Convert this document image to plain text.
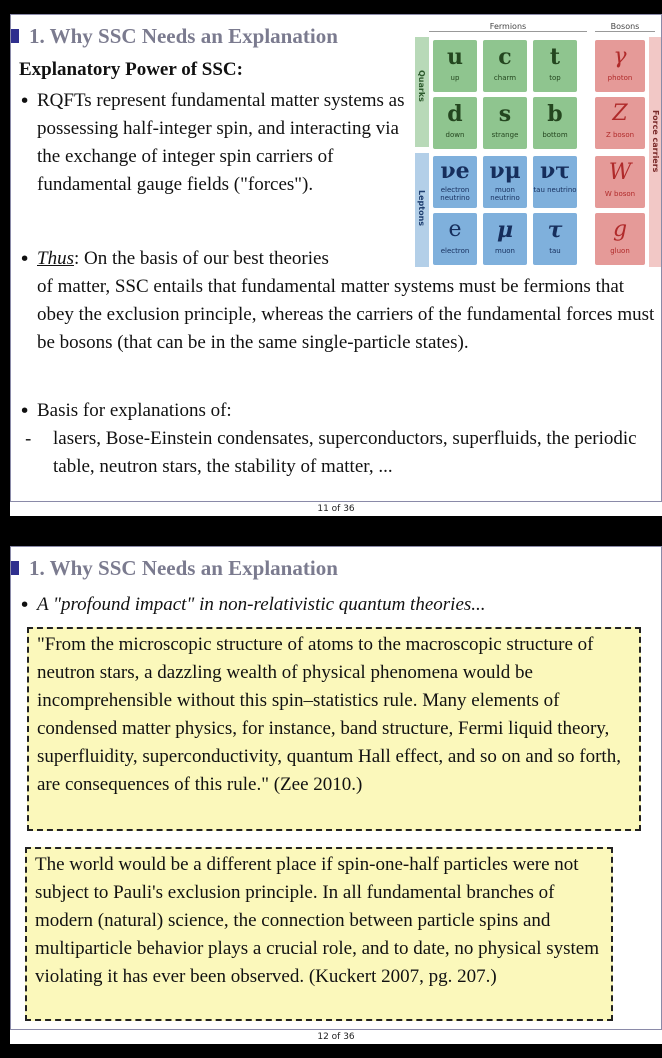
1. Why SSC Needs an Explanation
Explanatory Power of SSC:
• RQFTs represent fundamental matter systems as possessing half-integer spin, and interacting via the exchange of integer spin carriers of fundamental gauge fields ("forces").
• Thus: On the basis of our best theories
of matter, SSC entails that fundamental matter systems must be fermions that obey the exclusion principle, whereas the carriers of the fundamental forces must be bosons (that can be in the same single-particle states).
• Basis for explanations of:
-	lasers, Bose-Einstein condensates, superconductors, superfluids, the periodic table, neutron stars, the stability of matter, ...
Fermions	Bosons
Quarks
Leptons
Force carriers
u
up
c
charm
t
top
d
down
s
strange
b
bottom
νe
electron neutrino
νμ
muon neutrino
ντ
tau neutrino
e
electron
μ
muon
τ
tau
γ
photon
Z
Z boson
W
W boson
g
gluon
11 of 36
1. Why SSC Needs an Explanation
• A "profound impact" in non-relativistic quantum theories...
"From the microscopic structure of atoms to the macroscopic structure of neutron stars, a dazzling wealth of physical phenomena would be incomprehensible without this spin–statistics rule. Many elements of condensed matter physics, for instance, band structure, Fermi liquid theory, superfluidity, superconductivity, quantum Hall effect, and so on and so forth, are consequences of this rule." (Zee 2010.)
The world would be a different place if spin-one-half particles were not subject to Pauli's exclusion principle. In all fundamental branches of modern (natural) science, the connection between particle spins and multiparticle behavior plays a crucial role, and to date, no physical system violating it has ever been observed. (Kuckert 2007, pg. 207.)
12 of 36
